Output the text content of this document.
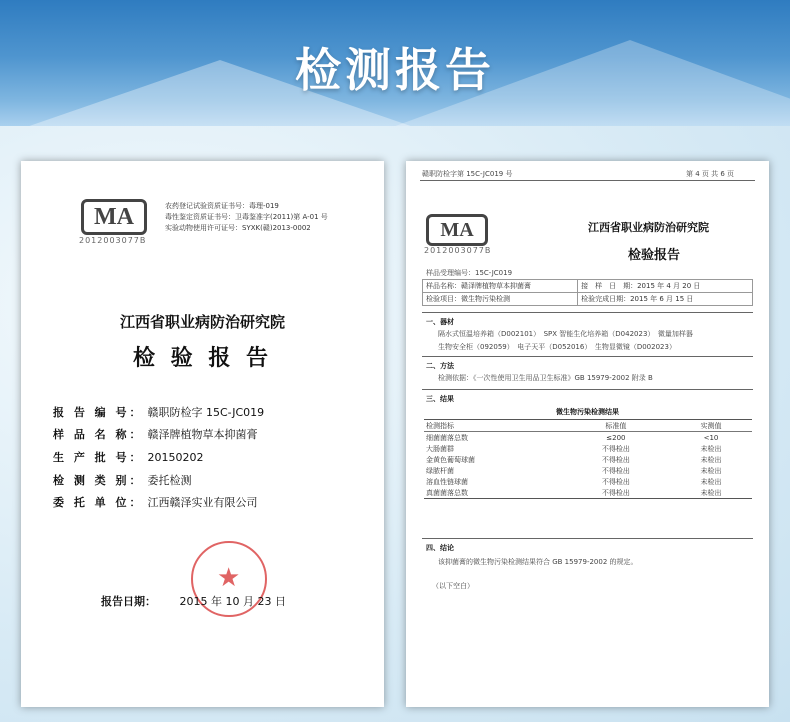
检测报告
MA
2012003077B
农药登记试验资质证书号：毒理-019
毒性鉴定资质证书号：卫毒鉴准字(2011)第 A-01 号
实验动物使用许可证号：SYXK(赣)2013-0002
江西省职业病防治研究院
检 验 报 告
报 告 编 号： 赣职防检字 15C-JC019
样 品 名 称： 赣泽牌植物草本抑菌膏
生 产 批 号： 20150202
检 测 类 别： 委托检测
委 托 单 位： 江西赣泽实业有限公司
★
报告日期： 2015 年 10 月 23 日
赣职防检字第 15C-JC019 号	第 4 页 共 6 页
MA
2012003077B
江西省职业病防治研究院
检验报告
样品受理编号：15C-JC019
样品名称：赣泽牌植物草本抑菌膏	接　样　日　期：2015 年 4 月 20 日
检验项目：微生物污染检测	检验完成日期：2015 年 6 月 15 日
一、器材
隔水式恒温培养箱（D002101）　SPX 智能生化培养箱（D042023）　微量加样器
生物安全柜（092059）　电子天平（D052016）　生物显微镜（D002023）
二、方法
检测依据：《一次性使用卫生用品卫生标准》GB 15979-2002 附录 B
三、结果
微生物污染检测结果
检测指标	标准值	实测值
细菌菌落总数	≤200	<10
大肠菌群	不得检出	未检出
金黄色葡萄球菌	不得检出	未检出
绿脓杆菌	不得检出	未检出
溶血性链球菌	不得检出	未检出
真菌菌落总数	不得检出	未检出
四、结论
该抑菌膏的微生物污染检测结果符合 GB 15979-2002 的规定。
（以下空白）
